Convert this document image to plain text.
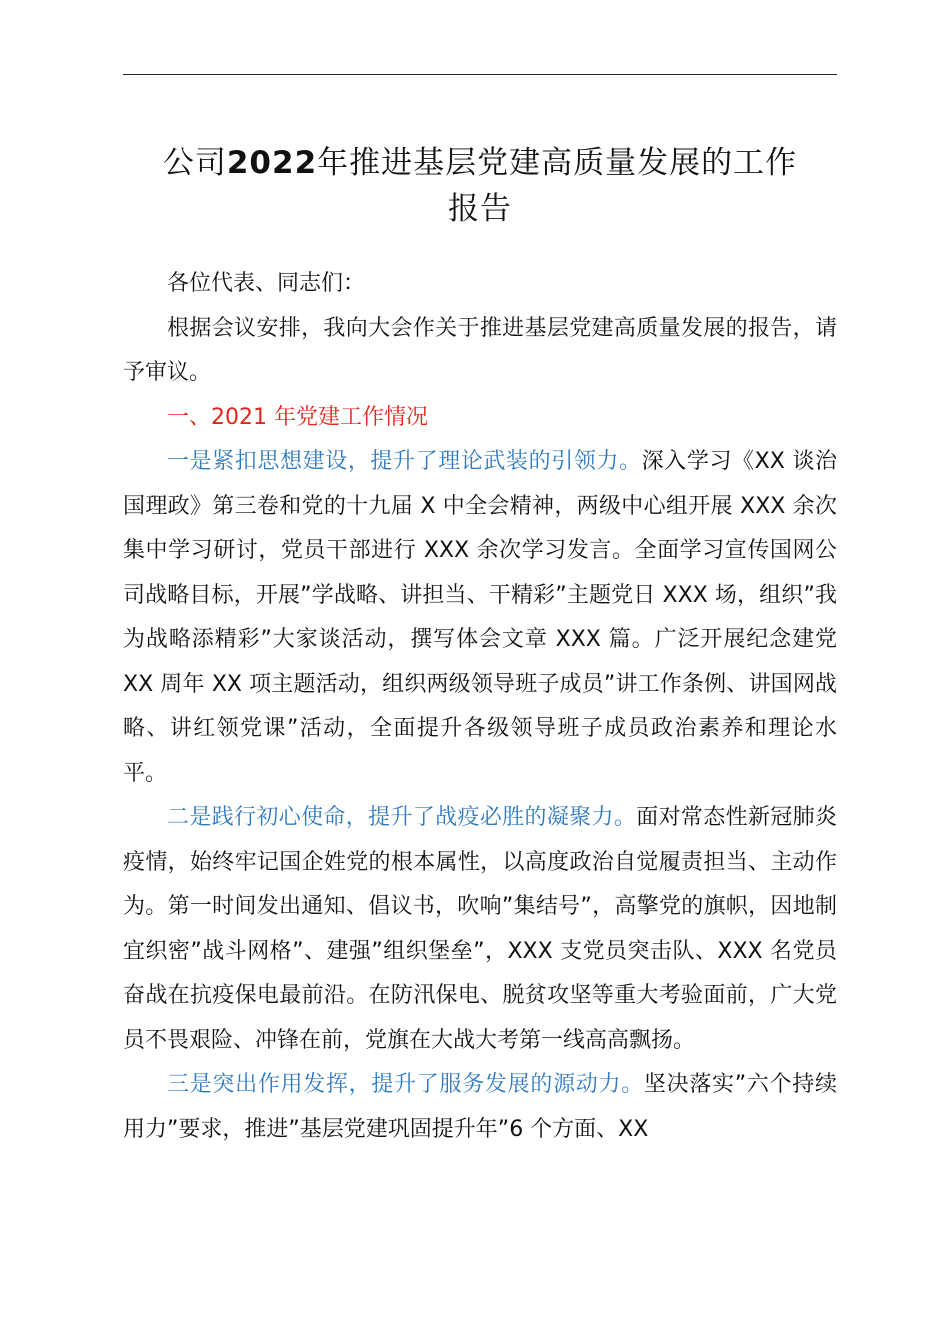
公司2022年推进基层党建高质量发展的工作
报告

各位代表、同志们：

根据会议安排，我向大会作关于推进基层党建高质量发展的报告，请予审议。

一、2021 年党建工作情况

一是紧扣思想建设，提升了理论武装的引领力。深入学习《XX 谈治国理政》第三卷和党的十九届 X 中全会精神，两级中心组开展 XXX 余次集中学习研讨，党员干部进行 XXX 余次学习发言。全面学习宣传国网公司战略目标，开展”学战略、讲担当、干精彩”主题党日 XXX 场，组织”我为战略添精彩”大家谈活动，撰写体会文章 XXX 篇。广泛开展纪念建党 XX 周年 XX 项主题活动，组织两级领导班子成员”讲工作条例、讲国网战略、讲红领党课”活动，全面提升各级领导班子成员政治素养和理论水平。

二是践行初心使命，提升了战疫必胜的凝聚力。面对常态性新冠肺炎疫情，始终牢记国企姓党的根本属性，以高度政治自觉履责担当、主动作为。第一时间发出通知、倡议书，吹响”集结号”，高擎党的旗帜，因地制宜织密”战斗网格”、建强”组织堡垒”，XXX 支党员突击队、XXX 名党员奋战在抗疫保电最前沿。在防汛保电、脱贫攻坚等重大考验面前，广大党员不畏艰险、冲锋在前，党旗在大战大考第一线高高飘扬。

三是突出作用发挥，提升了服务发展的源动力。坚决落实”六个持续用力”要求，推进”基层党建巩固提升年”6 个方面、XX
